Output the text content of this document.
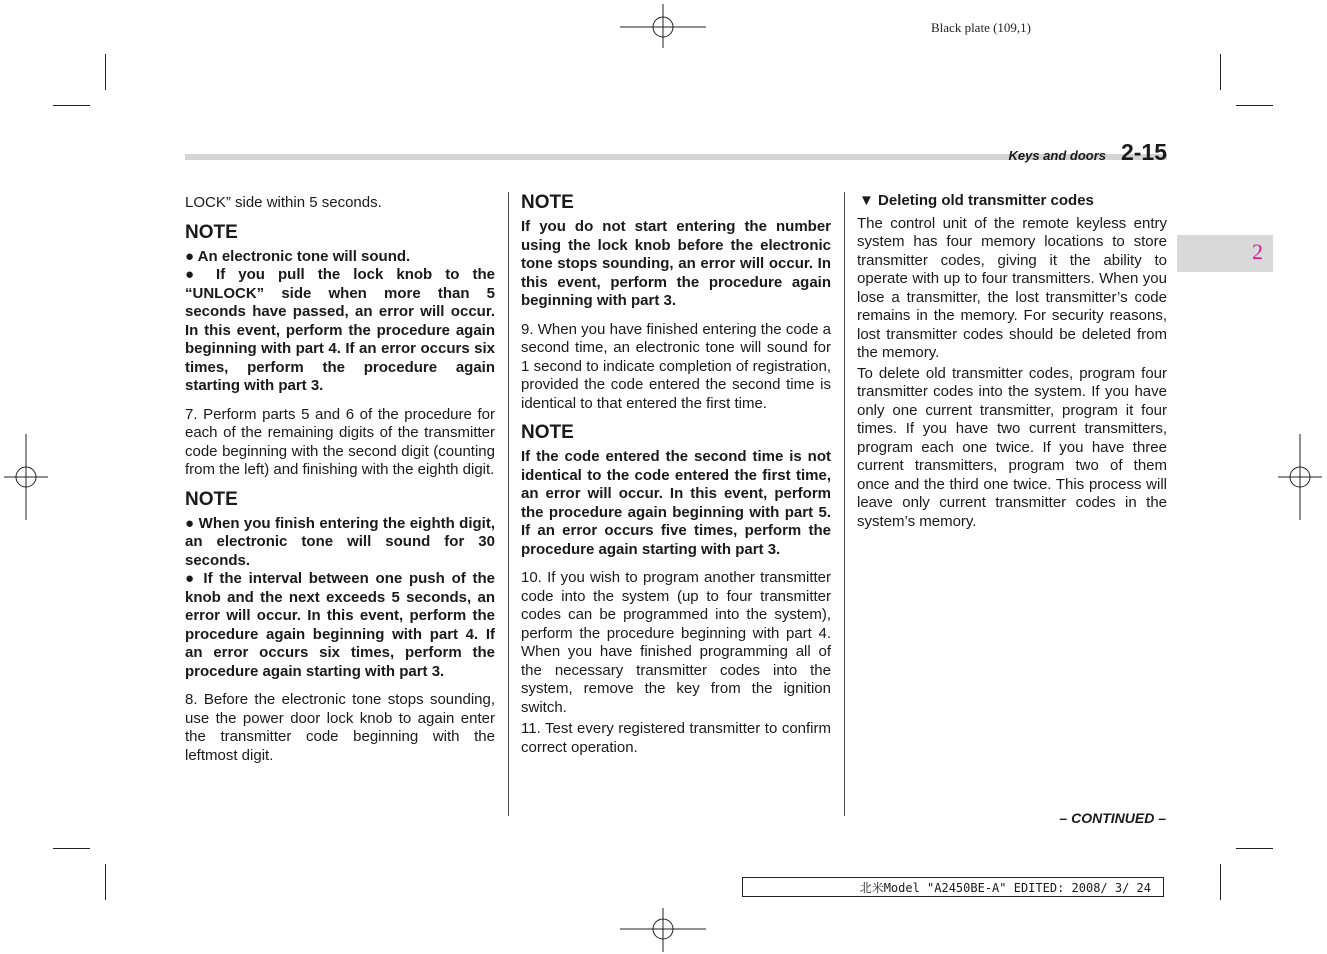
Black plate (109,1)
Keys and doors 2-15
2

LOCK” side within 5 seconds.

NOTE

● An electronic tone will sound.

● If you pull the lock knob to the “UNLOCK” side when more than 5 seconds have passed, an error will occur. In this event, perform the procedure again beginning with part 4. If an error occurs six times, perform the procedure again starting with part 3.

7. Perform parts 5 and 6 of the procedure for each of the remaining digits of the transmitter code beginning with the second digit (counting from the left) and finishing with the eighth digit.

NOTE

● When you finish entering the eighth digit, an electronic tone will sound for 30 seconds.

● If the interval between one push of the knob and the next exceeds 5 seconds, an error will occur. In this event, perform the procedure again beginning with part 4. If an error occurs six times, perform the procedure again starting with part 3.

8. Before the electronic tone stops sounding, use the power door lock knob to again enter the transmitter code beginning with the leftmost digit.

NOTE

If you do not start entering the number using the lock knob before the electronic tone stops sounding, an error will occur. In this event, perform the procedure again beginning with part 3.

9. When you have finished entering the code a second time, an electronic tone will sound for 1 second to indicate completion of registration, provided the code entered the second time is identical to that entered the first time.

NOTE

If the code entered the second time is not identical to the code entered the first time, an error will occur. In this event, perform the procedure again beginning with part 5. If an error occurs five times, perform the procedure again starting with part 3.

10. If you wish to program another transmitter code into the system (up to four transmitter codes can be programmed into the system), perform the procedure beginning with part 4. When you have finished programming all of the necessary transmitter codes into the system, remove the key from the ignition switch.

11. Test every registered transmitter to confirm correct operation.

▼ Deleting old transmitter codes

The control unit of the remote keyless entry system has four memory locations to store transmitter codes, giving it the ability to operate with up to four transmitters. When you lose a transmitter, the lost transmitter’s code remains in the memory. For security reasons, lost transmitter codes should be deleted from the memory.

To delete old transmitter codes, program four transmitter codes into the system. If you have only one current transmitter, program it four times. If you have two current transmitters, program each one twice. If you have three current transmitters, program two of them once and the third one twice. This process will leave only current transmitter codes in the system’s memory.

– CONTINUED –
北米Model "A2450BE-A" EDITED: 2008/ 3/ 24
